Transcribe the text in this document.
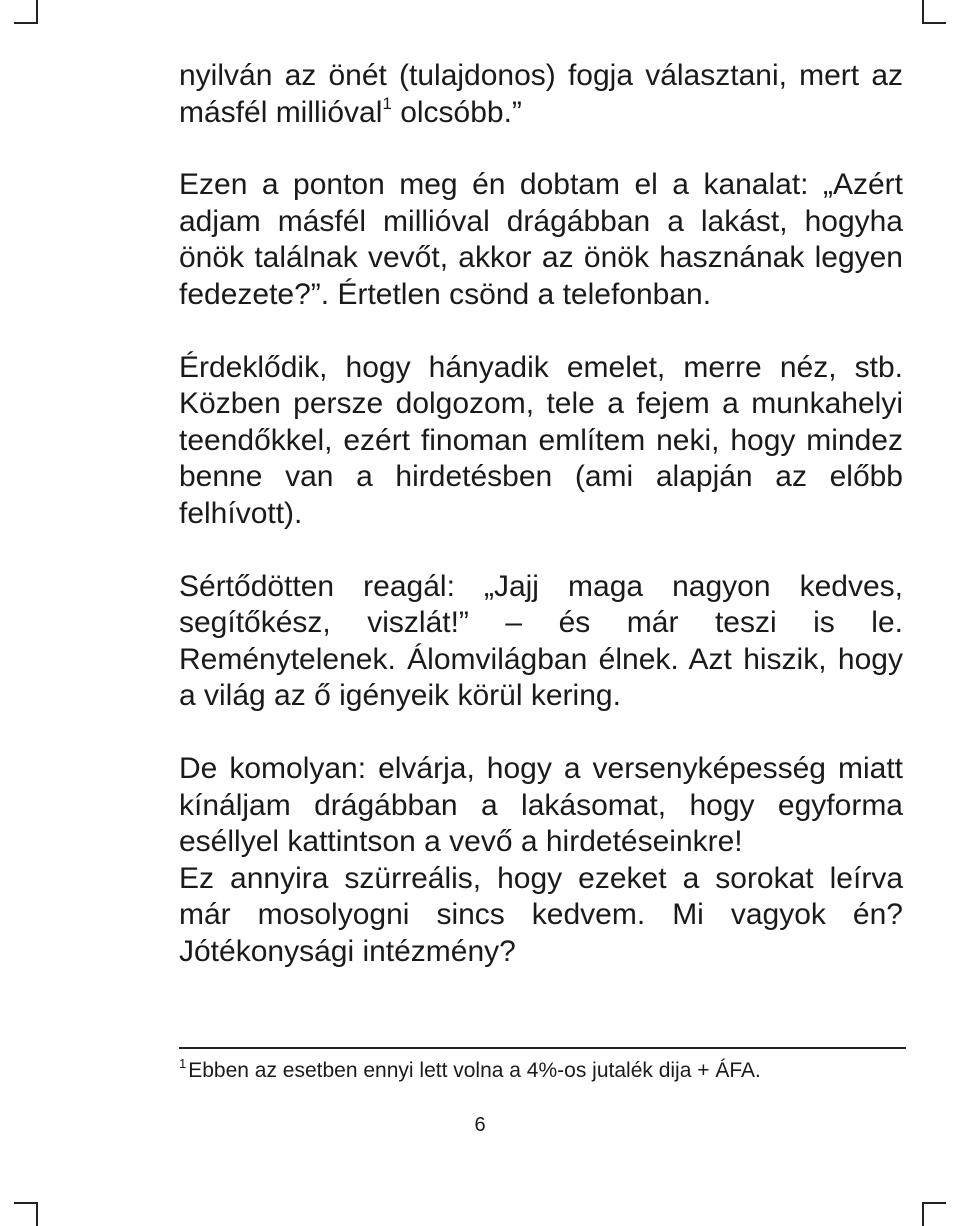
nyilván az önét (tulajdonos) fogja választani, mert az másfél millióval$^1$ olcsóbb.”

Ezen a ponton meg én dobtam el a kanalat: „Azért adjam másfél millióval drágábban a lakást, hogyha önök találnak vevőt, akkor az önök hasznának legyen fedezete?”. Értetlen csönd a telefonban.

Érdeklődik, hogy hányadik emelet, merre néz, stb. Közben persze dolgozom, tele a fejem a munkahelyi teendőkkel, ezért finoman említem neki, hogy mindez benne van a hirdetésben (ami alapján az előbb felhívott).

Sértődötten reagál: „Jajj maga nagyon kedves, segítőkész, viszlát!” – és már teszi is le. Reménytelenek. Álomvilágban élnek. Azt hiszik, hogy a világ az ő igényeik körül kering.

De komolyan: elvárja, hogy a versenyképesség miatt kínáljam drágábban a lakásomat, hogy egyforma eséllyel kattintson a vevő a hirdetéseinkre!

Ez annyira szürreális, hogy ezeket a sorokat leírva már mosolyogni sincs kedvem. Mi vagyok én? Jótékonysági intézmény?

$^1$Ebben az esetben ennyi lett volna a 4%-os jutalék dija + ÁFA.
6
